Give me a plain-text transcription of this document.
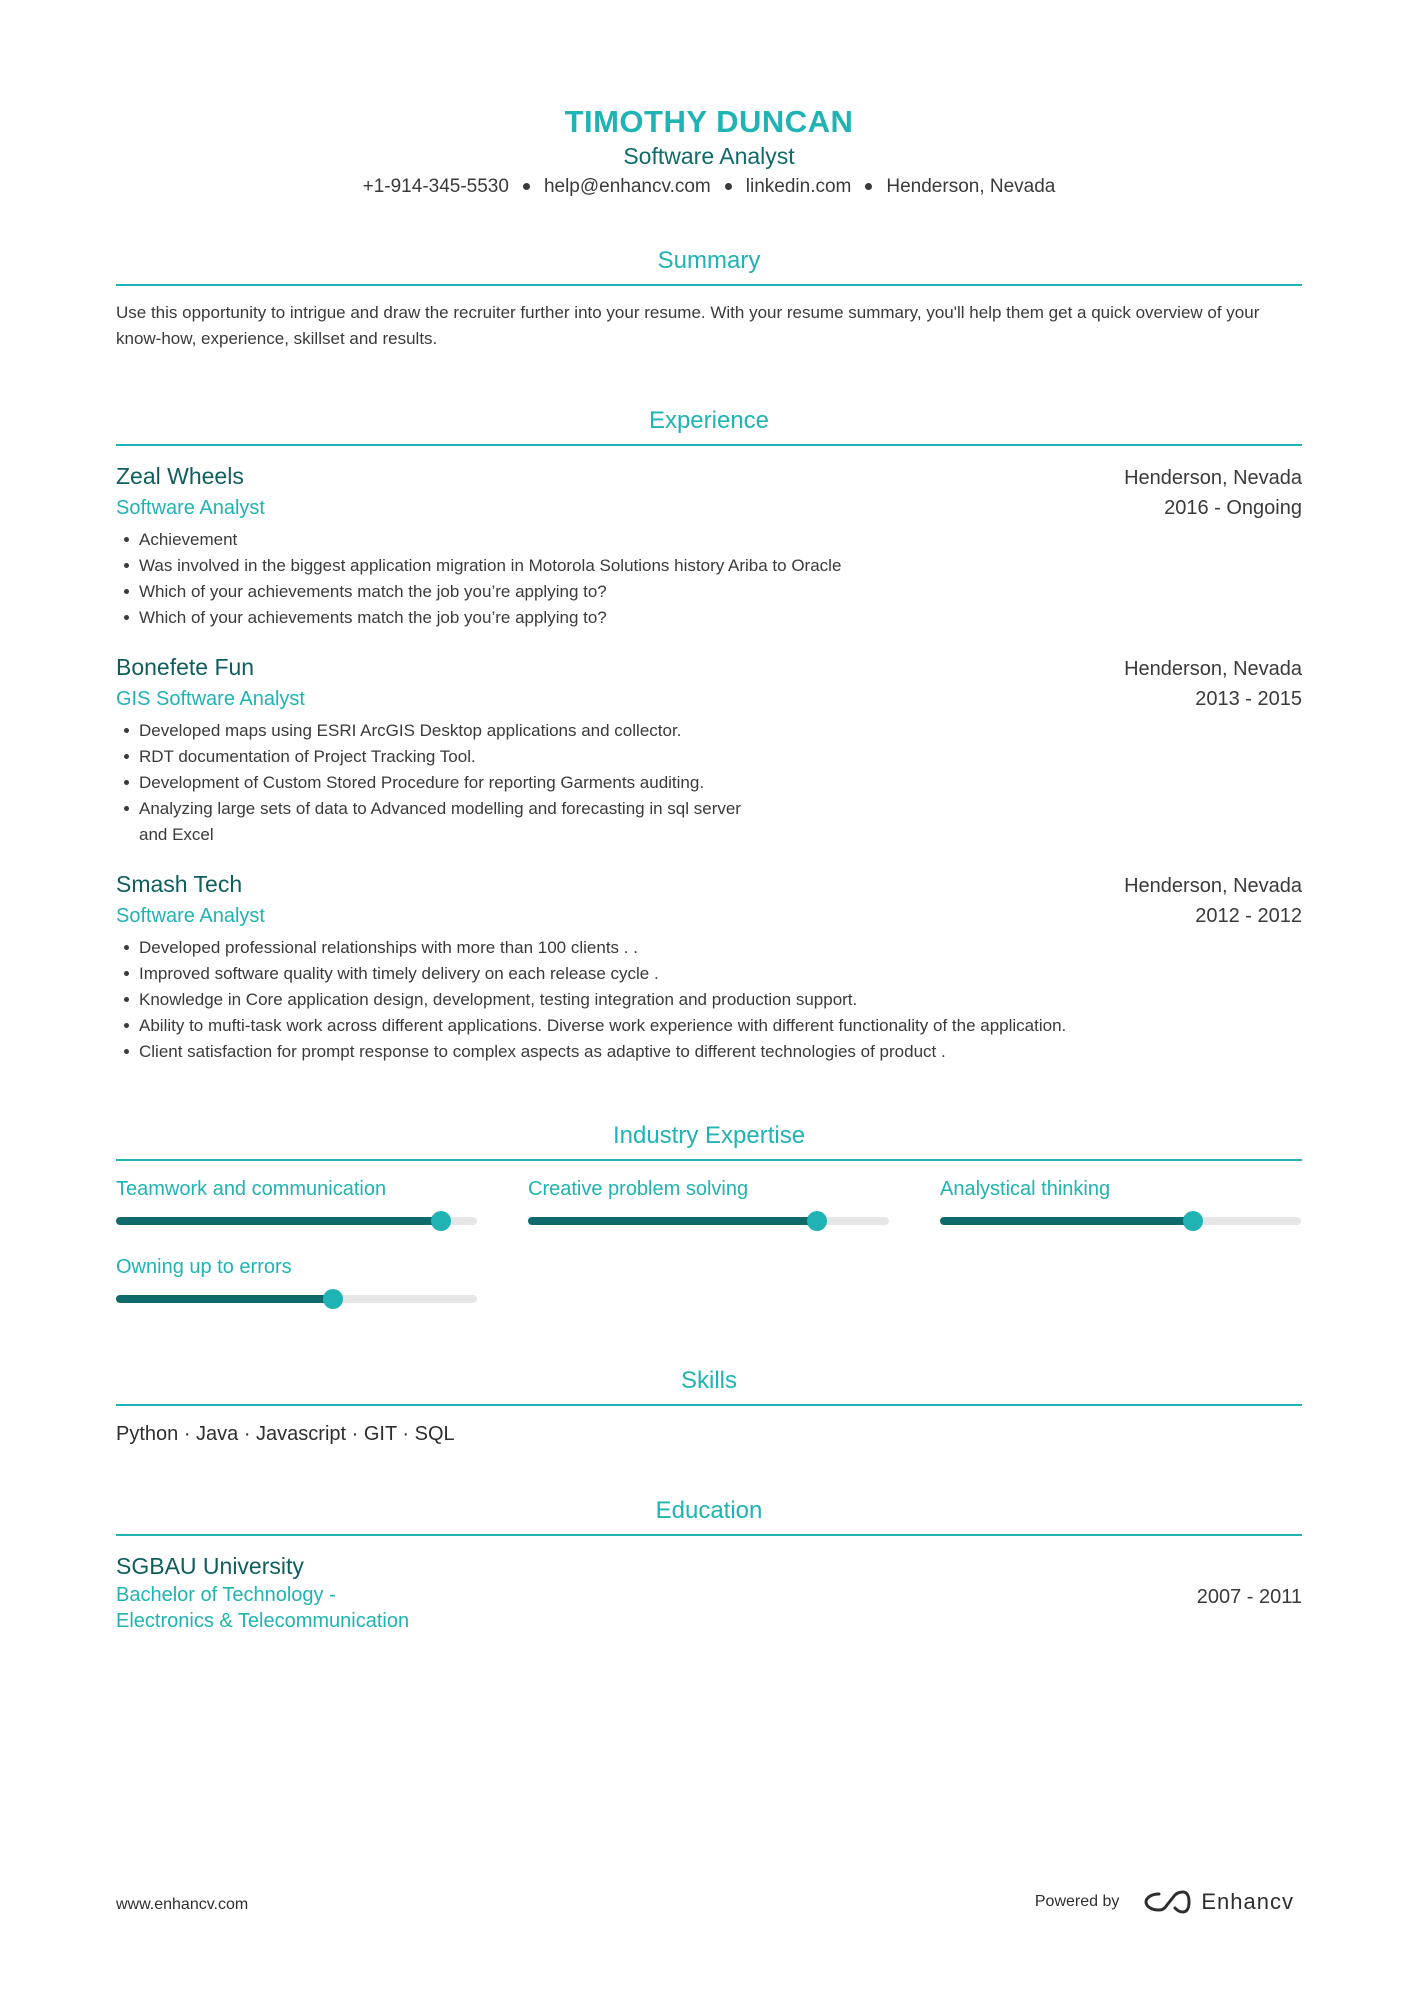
TIMOTHY DUNCAN
Software Analyst
+1-914-345-5530 help@enhancv.com linkedin.com Henderson, Nevada
Summary
Use this opportunity to intrigue and draw the recruiter further into your resume. With your resume summary, you'll help them get a quick overview of your know-how, experience, skillset and results.
Experience
Zeal Wheels	Henderson, Nevada
Software Analyst	2016 - Ongoing
Achievement
Was involved in the biggest application migration in Motorola Solutions history Ariba to Oracle
Which of your achievements match the job you’re applying to?
Which of your achievements match the job you’re applying to?
Bonefete Fun	Henderson, Nevada
GIS Software Analyst	2013 - 2015
Developed maps using ESRI ArcGIS Desktop applications and collector.
RDT documentation of Project Tracking Tool.
Development of Custom Stored Procedure for reporting Garments auditing.
Analyzing large sets of data to Advanced modelling and forecasting in sql server and Excel
Smash Tech	Henderson, Nevada
Software Analyst	2012 - 2012
Developed professional relationships with more than 100 clients . .
Improved software quality with timely delivery on each release cycle .
Knowledge in Core application design, development, testing integration and production support.
Ability to mufti-task work across different applications. Diverse work experience with different functionality of the application.
Client satisfaction for prompt response to complex aspects as adaptive to different technologies of product .
Industry Expertise
Teamwork and communication	Creative problem solving	Analystical thinking
Owning up to errors
Skills
Python · Java · Javascript · GIT · SQL
Education
SGBAU University
Bachelor of Technology -
Electronics & Telecommunication
2007 - 2011
www.enhancv.com	Powered by	Enhancv
